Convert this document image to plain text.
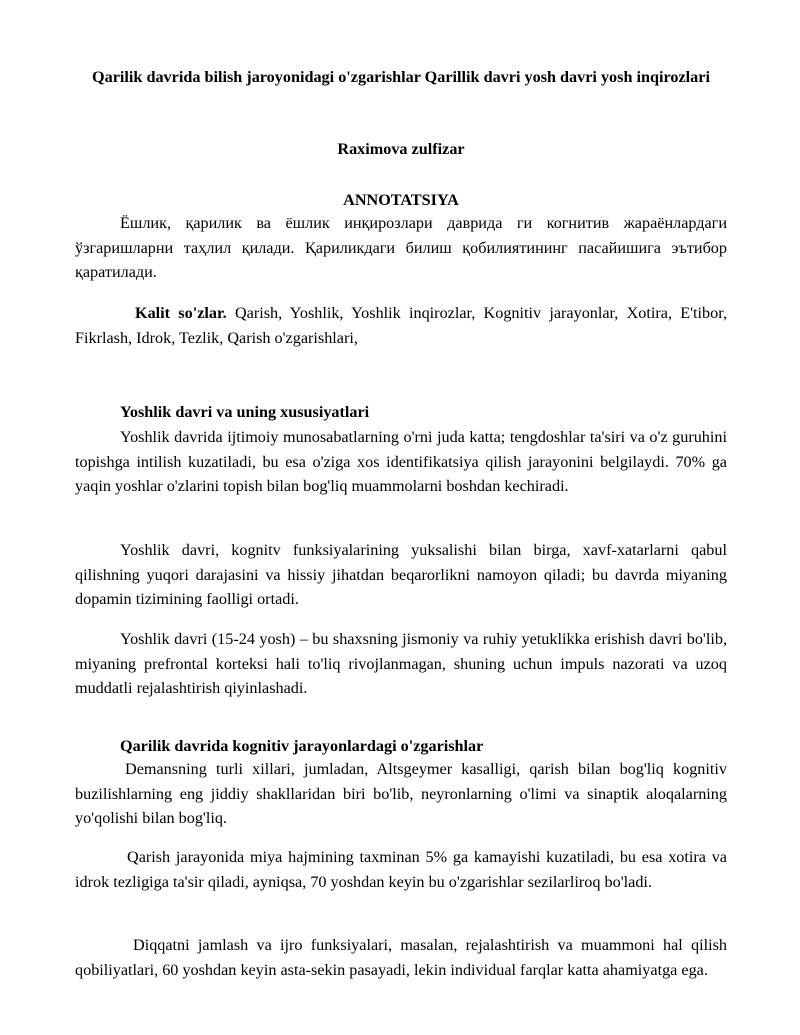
Qarilik davrida bilish jaroyonidagi o'zgarishlar Qarillik davri yosh davri yosh inqirozlari
Raximova zulfizar
ANNOTATSIYA

Ёшлик, қарилик ва ёшлик инқирозлари даврида ги когнитив жараёнлардаги ўзгаришларни таҳлил қилади. Қариликдаги билиш қобилиятининг пасайишига эътибор қаратилади.

Kalit so'zlar. Qarish, Yoshlik, Yoshlik inqirozlar, Kognitiv jarayonlar, Xotira, E'tibor, Fikrlash, Idrok, Tezlik, Qarish o'zgarishlari,

Yoshlik davri va uning xususiyatlari

Yoshlik davrida ijtimoiy munosabatlarning o'rni juda katta; tengdoshlar ta'siri va o'z guruhini topishga intilish kuzatiladi, bu esa o'ziga xos identifikatsiya qilish jarayonini belgilaydi. 70% ga yaqin yoshlar o'zlarini topish bilan bog'liq muammolarni boshdan kechiradi.

Yoshlik davri, kognitv funksiyalarining yuksalishi bilan birga, xavf-xatarlarni qabul qilishning yuqori darajasini va hissiy jihatdan beqarorlikni namoyon qiladi; bu davrda miyaning dopamin tizimining faolligi ortadi.

Yoshlik davri (15-24 yosh) – bu shaxsning jismoniy va ruhiy yetuklikka erishish davri bo'lib, miyaning prefrontal korteksi hali to'liq rivojlanmagan, shuning uchun impuls nazorati va uzoq muddatli rejalashtirish qiyinlashadi.

Qarilik davrida kognitiv jarayonlardagi o'zgarishlar

Demansning turli xillari, jumladan, Altsgeymer kasalligi, qarish bilan bog'liq kognitiv buzilishlarning eng jiddiy shakllaridan biri bo'lib, neyronlarning o'limi va sinaptik aloqalarning yo'qolishi bilan bog'liq.

Qarish jarayonida miya hajmining taxminan 5% ga kamayishi kuzatiladi, bu esa xotira va idrok tezligiga ta'sir qiladi, ayniqsa, 70 yoshdan keyin bu o'zgarishlar sezilarliroq bo'ladi.

Diqqatni jamlash va ijro funksiyalari, masalan, rejalashtirish va muammoni hal qilish qobiliyatlari, 60 yoshdan keyin asta-sekin pasayadi, lekin individual farqlar katta ahamiyatga ega.
